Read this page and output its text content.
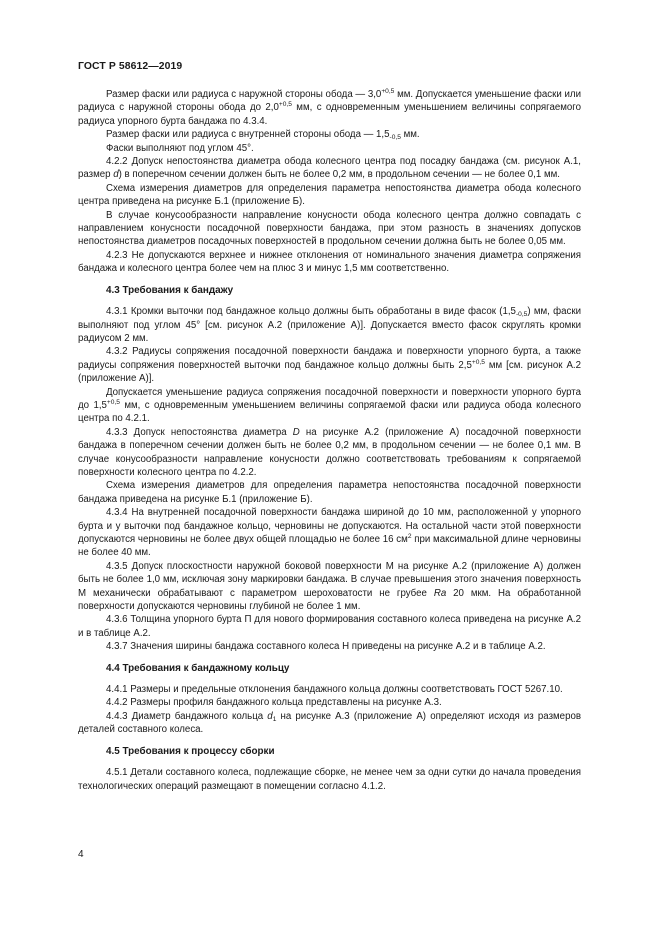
ГОСТ Р 58612—2019

Размер фаски или радиуса с наружной стороны обода — $3,0^{+0,5}$ мм. Допускается уменьшение фаски или радиуса с наружной стороны обода до $2,0^{+0,5}$ мм, с одновременным уменьшением величины сопрягаемого радиуса упорного бурта бандажа по 4.3.4.

Размер фаски или радиуса с внутренней стороны обода — $1,5_{-0,5}$ мм.

Фаски выполняют под углом 45°.

4.2.2 Допуск непостоянства диаметра обода колесного центра под посадку бандажа (см. рисунок А.1, размер d) в поперечном сечении должен быть не более 0,2 мм, в продольном сечении — не более 0,1 мм.

Схема измерения диаметров для определения параметра непостоянства диаметра обода колесного центра приведена на рисунке Б.1 (приложение Б).

В случае конусообразности направление конусности обода колесного центра должно совпадать с направлением конусности посадочной поверхности бандажа, при этом разность в значениях допусков непостоянства диаметров посадочных поверхностей в продольном сечении должна быть не более 0,05 мм.

4.2.3 Не допускаются верхнее и нижнее отклонения от номинального значения диаметра сопряжения бандажа и колесного центра более чем на плюс 3 и минус 1,5 мм соответственно.

4.3 Требования к бандажу

4.3.1 Кромки выточки под бандажное кольцо должны быть обработаны в виде фасок $(1,5_{-0,5})$ мм, фаски выполняют под углом 45° [см. рисунок А.2 (приложение А)]. Допускается вместо фасок скруглять кромки радиусом 2 мм.

4.3.2 Радиусы сопряжения посадочной поверхности бандажа и поверхности упорного бурта, а также радиусы сопряжения поверхностей выточки под бандажное кольцо должны быть $2,5^{+0,5}$ мм [см. рисунок А.2 (приложение А)].

Допускается уменьшение радиуса сопряжения посадочной поверхности и поверхности упорного бурта до $1,5^{+0,5}$ мм, с одновременным уменьшением величины сопрягаемой фаски или радиуса обода колесного центра по 4.2.1.

4.3.3 Допуск непостоянства диаметра D на рисунке А.2 (приложение А) посадочной поверхности бандажа в поперечном сечении должен быть не более 0,2 мм, в продольном сечении — не более 0,1 мм. В случае конусообразности направление конусности должно соответствовать требованиям к сопрягаемой поверхности колесного центра по 4.2.2.

Схема измерения диаметров для определения параметра непостоянства посадочной поверхности бандажа приведена на рисунке Б.1 (приложение Б).

4.3.4 На внутренней посадочной поверхности бандажа шириной до 10 мм, расположенной у упорного бурта и у выточки под бандажное кольцо, черновины не допускаются. На остальной части этой поверхности допускаются черновины не более двух общей площадью не более 16 $см^2$ при максимальной длине черновины не более 40 мм.

4.3.5 Допуск плоскостности наружной боковой поверхности М на рисунке А.2 (приложение А) должен быть не более 1,0 мм, исключая зону маркировки бандажа. В случае превышения этого значения поверхность М механически обрабатывают с параметром шероховатости не грубее Ra 20 мкм. На обработанной поверхности допускаются черновины глубиной не более 1 мм.

4.3.6 Толщина упорного бурта П для нового формирования составного колеса приведена на рисунке А.2 и в таблице А.2.

4.3.7 Значения ширины бандажа составного колеса Н приведены на рисунке А.2 и в таблице А.2.

4.4 Требования к бандажному кольцу

4.4.1 Размеры и предельные отклонения бандажного кольца должны соответствовать ГОСТ 5267.10.

4.4.2 Размеры профиля бандажного кольца представлены на рисунке А.3.

4.4.3 Диаметр бандажного кольца $d_1$ на рисунке А.3 (приложение А) определяют исходя из размеров деталей составного колеса.

4.5 Требования к процессу сборки

4.5.1 Детали составного колеса, подлежащие сборке, не менее чем за одни сутки до начала проведения технологических операций размещают в помещении согласно 4.1.2.

4
